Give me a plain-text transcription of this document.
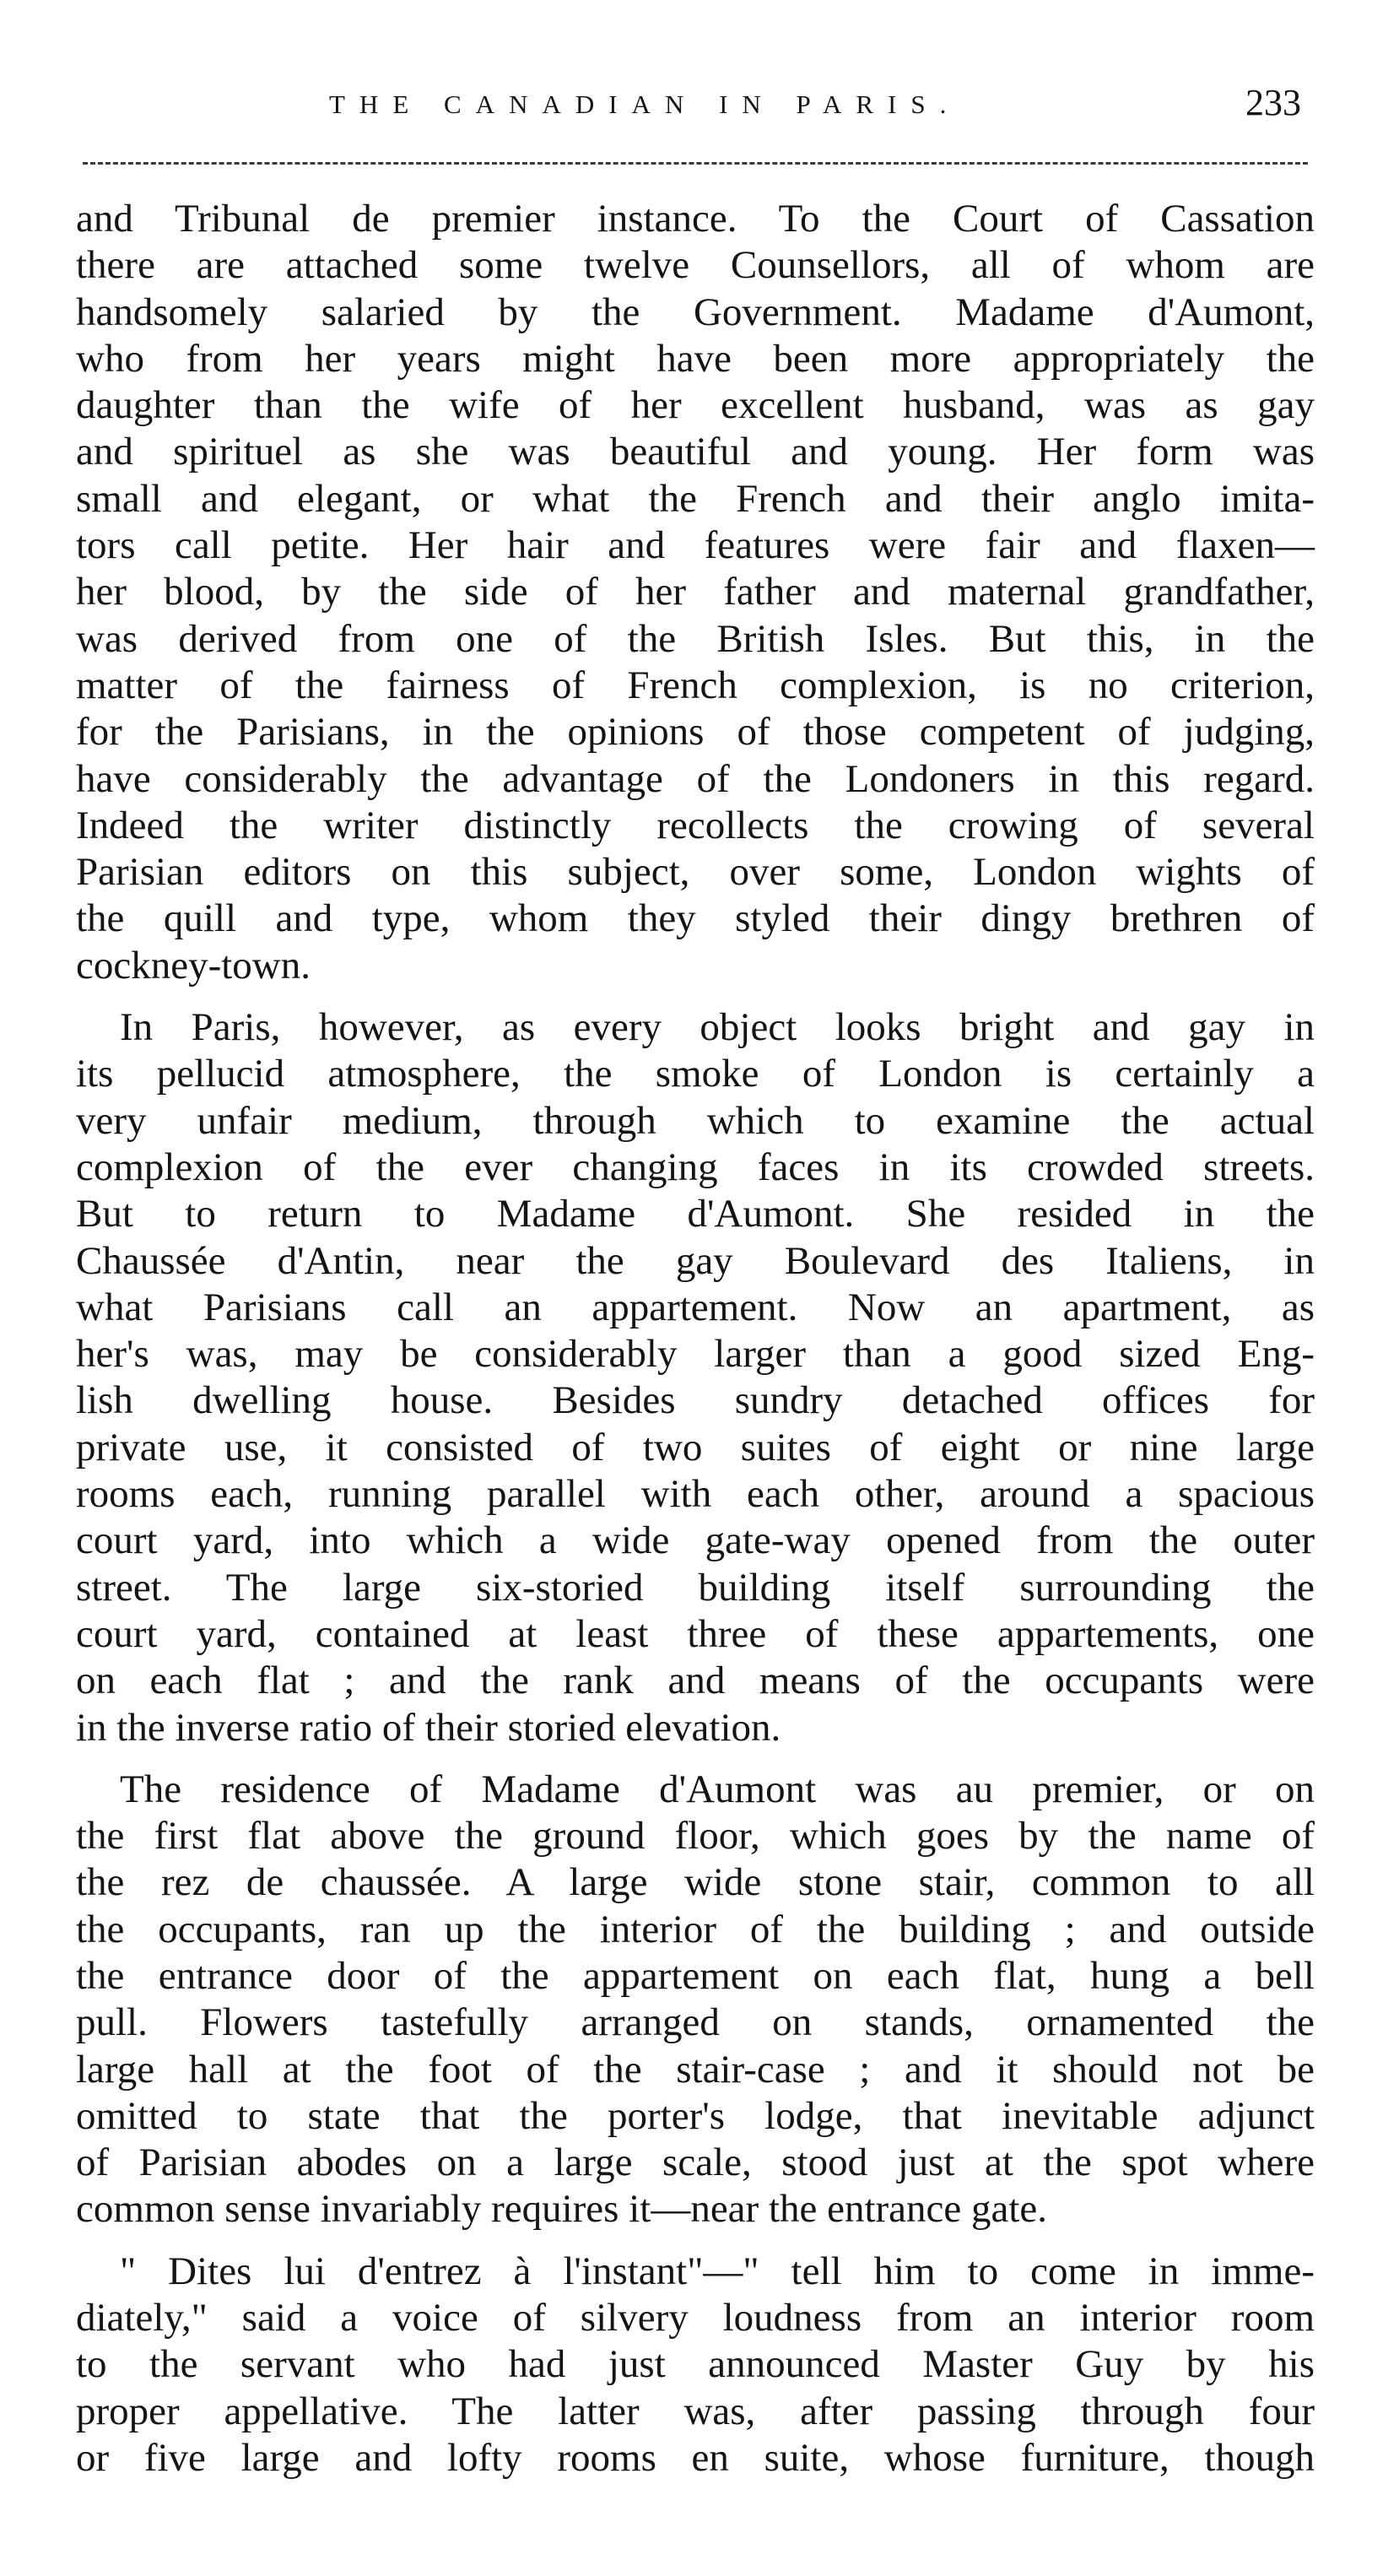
THE CANADIAN IN PARIS.	233
and Tribunal de premier instance. To the Court of Cassation
there are attached some twelve Counsellors, all of whom are
handsomely salaried by the Government. Madame d'Aumont,
who from her years might have been more appropriately the
daughter than the wife of her excellent husband, was as gay
and spirituel as she was beautiful and young. Her form was
small and elegant, or what the French and their anglo imita-
tors call petite. Her hair and features were fair and flaxen—
her blood, by the side of her father and maternal grandfather,
was derived from one of the British Isles. But this, in the
matter of the fairness of French complexion, is no criterion,
for the Parisians, in the opinions of those competent of judging,
have considerably the advantage of the Londoners in this regard.
Indeed the writer distinctly recollects the crowing of several
Parisian editors on this subject, over some, London wights of
the quill and type, whom they styled their dingy brethren of
cockney-town.
In Paris, however, as every object looks bright and gay in
its pellucid atmosphere, the smoke of London is certainly a
very unfair medium, through which to examine the actual
complexion of the ever changing faces in its crowded streets.
But to return to Madame d'Aumont. She resided in the
Chaussée d'Antin, near the gay Boulevard des Italiens, in
what Parisians call an appartement. Now an apartment, as
her's was, may be considerably larger than a good sized Eng-
lish dwelling house. Besides sundry detached offices for
private use, it consisted of two suites of eight or nine large
rooms each, running parallel with each other, around a spacious
court yard, into which a wide gate-way opened from the outer
street. The large six-storied building itself surrounding the
court yard, contained at least three of these appartements, one
on each flat ; and the rank and means of the occupants were
in the inverse ratio of their storied elevation.
The residence of Madame d'Aumont was au premier, or on
the first flat above the ground floor, which goes by the name of
the rez de chaussée. A large wide stone stair, common to all
the occupants, ran up the interior of the building ; and outside
the entrance door of the appartement on each flat, hung a bell
pull. Flowers tastefully arranged on stands, ornamented the
large hall at the foot of the stair-case ; and it should not be
omitted to state that the porter's lodge, that inevitable adjunct
of Parisian abodes on a large scale, stood just at the spot where
common sense invariably requires it—near the entrance gate.
" Dites lui d'entrez à l'instant"—" tell him to come in imme-
diately," said a voice of silvery loudness from an interior room
to the servant who had just announced Master Guy by his
proper appellative. The latter was, after passing through four
or five large and lofty rooms en suite, whose furniture, though
